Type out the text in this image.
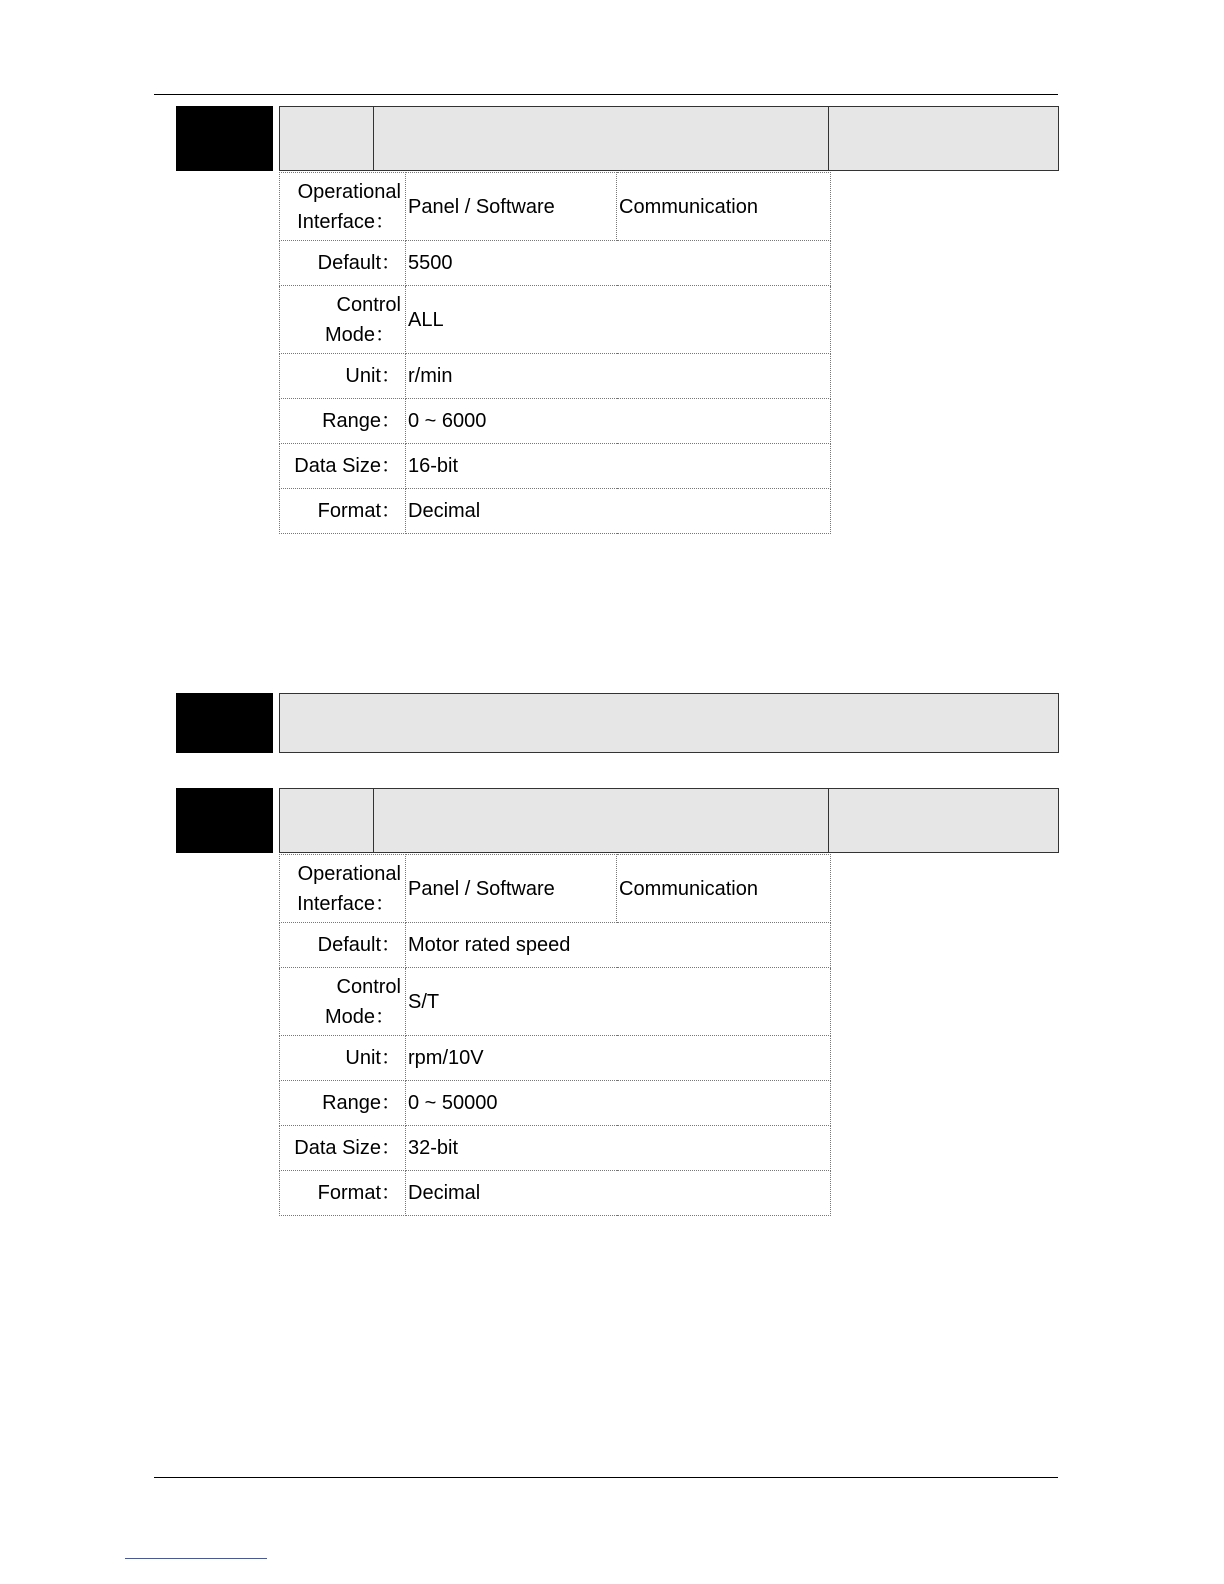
Operational
Interface：	Panel / Software	Communication
Default：	5500	

Control
Mode：	ALL	
Unit：	r/min	
Range：	0 ~ 6000	
Data Size：	16-bit	
Format：	Decimal	
Operational
Interface：	Panel / Software	Communication
Default：	Motor rated speed	

Control
Mode：	S/T	
Unit：	rpm/10V	
Range：	0 ~ 50000	
Data Size：	32-bit	
Format：	Decimal	
